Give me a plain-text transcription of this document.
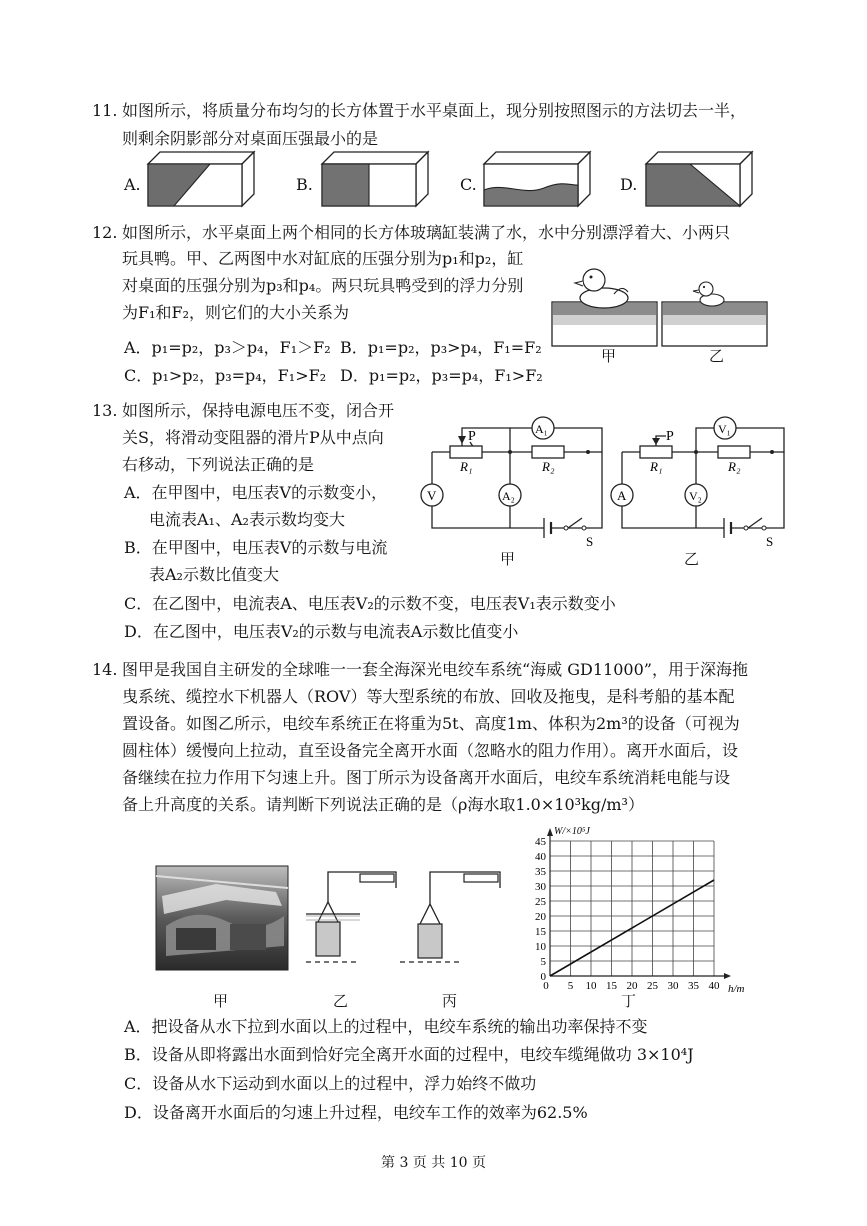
11. 如图所示，将质量分布均匀的长方体置于水平桌面上，现分别按照图示的方法切去一半，
则剩余阴影部分对桌面压强最小的是
A.	B.	C.	D.
12. 如图所示，水平桌面上两个相同的长方体玻璃缸装满了水，水中分别漂浮着大、小两只
玩具鸭。甲、乙两图中水对缸底的压强分别为p₁和p₂，缸
对桌面的压强分别为p₃和p₄。两只玩具鸭受到的浮力分别
为F₁和F₂，则它们的大小关系为
A．p₁=p₂，p₃＞p₄，F₁＞F₂ B．p₁=p₂，p₃>p₄，F₁=F₂
C．p₁>p₂，p₃=p₄，F₁>F₂ D．p₁=p₂，p₃=p₄，F₁>F₂
甲	乙
13. 如图所示，保持电源电压不变，闭合开
关S，将滑动变阻器的滑片P从中点向
右移动，下列说法正确的是
A．在甲图中，电压表V的示数变小，
电流表A₁、A₂表示数均变大
B．在甲图中，电压表V的示数与电流
表A₂示数比值变大
C．在乙图中，电流表A、电压表V₂的示数不变，电压表V₁表示数变小
D．在乙图中，电压表V₂的示数与电流表A示数比值变小
P
R₁	R₂
A₁
V	A₂
S
甲
P
R₁	R₂
V₁
A	V₂
S
乙
14. 图甲是我国自主研发的全球唯一一套全海深光电绞车系统“海威 GD11000”，用于深海拖
曳系统、缆控水下机器人（ROV）等大型系统的布放、回收及拖曳，是科考船的基本配
置设备。如图乙所示，电绞车系统正在将重为5t、高度1m、体积为2m³的设备（可视为
圆柱体）缓慢向上拉动，直至设备完全离开水面（忽略水的阻力作用）。离开水面后，设
备继续在拉力作用下匀速上升。图丁所示为设备离开水面后，电绞车系统消耗电能与设
备上升高度的关系。请判断下列说法正确的是（ρ海水取1.0×10³kg/m³）
0
5
10
15
20
25
30
35
40
45
0 5 10 15 20 25 30 35 40
W/×10⁵J
h/m
甲	乙	丙	丁
A．把设备从水下拉到水面以上的过程中，电绞车系统的输出功率保持不变
B．设备从即将露出水面到恰好完全离开水面的过程中，电绞车缆绳做功 3×10⁴J
C．设备从水下运动到水面以上的过程中，浮力始终不做功
D．设备离开水面后的匀速上升过程，电绞车工作的效率为62.5%
第 3 页 共 10 页
